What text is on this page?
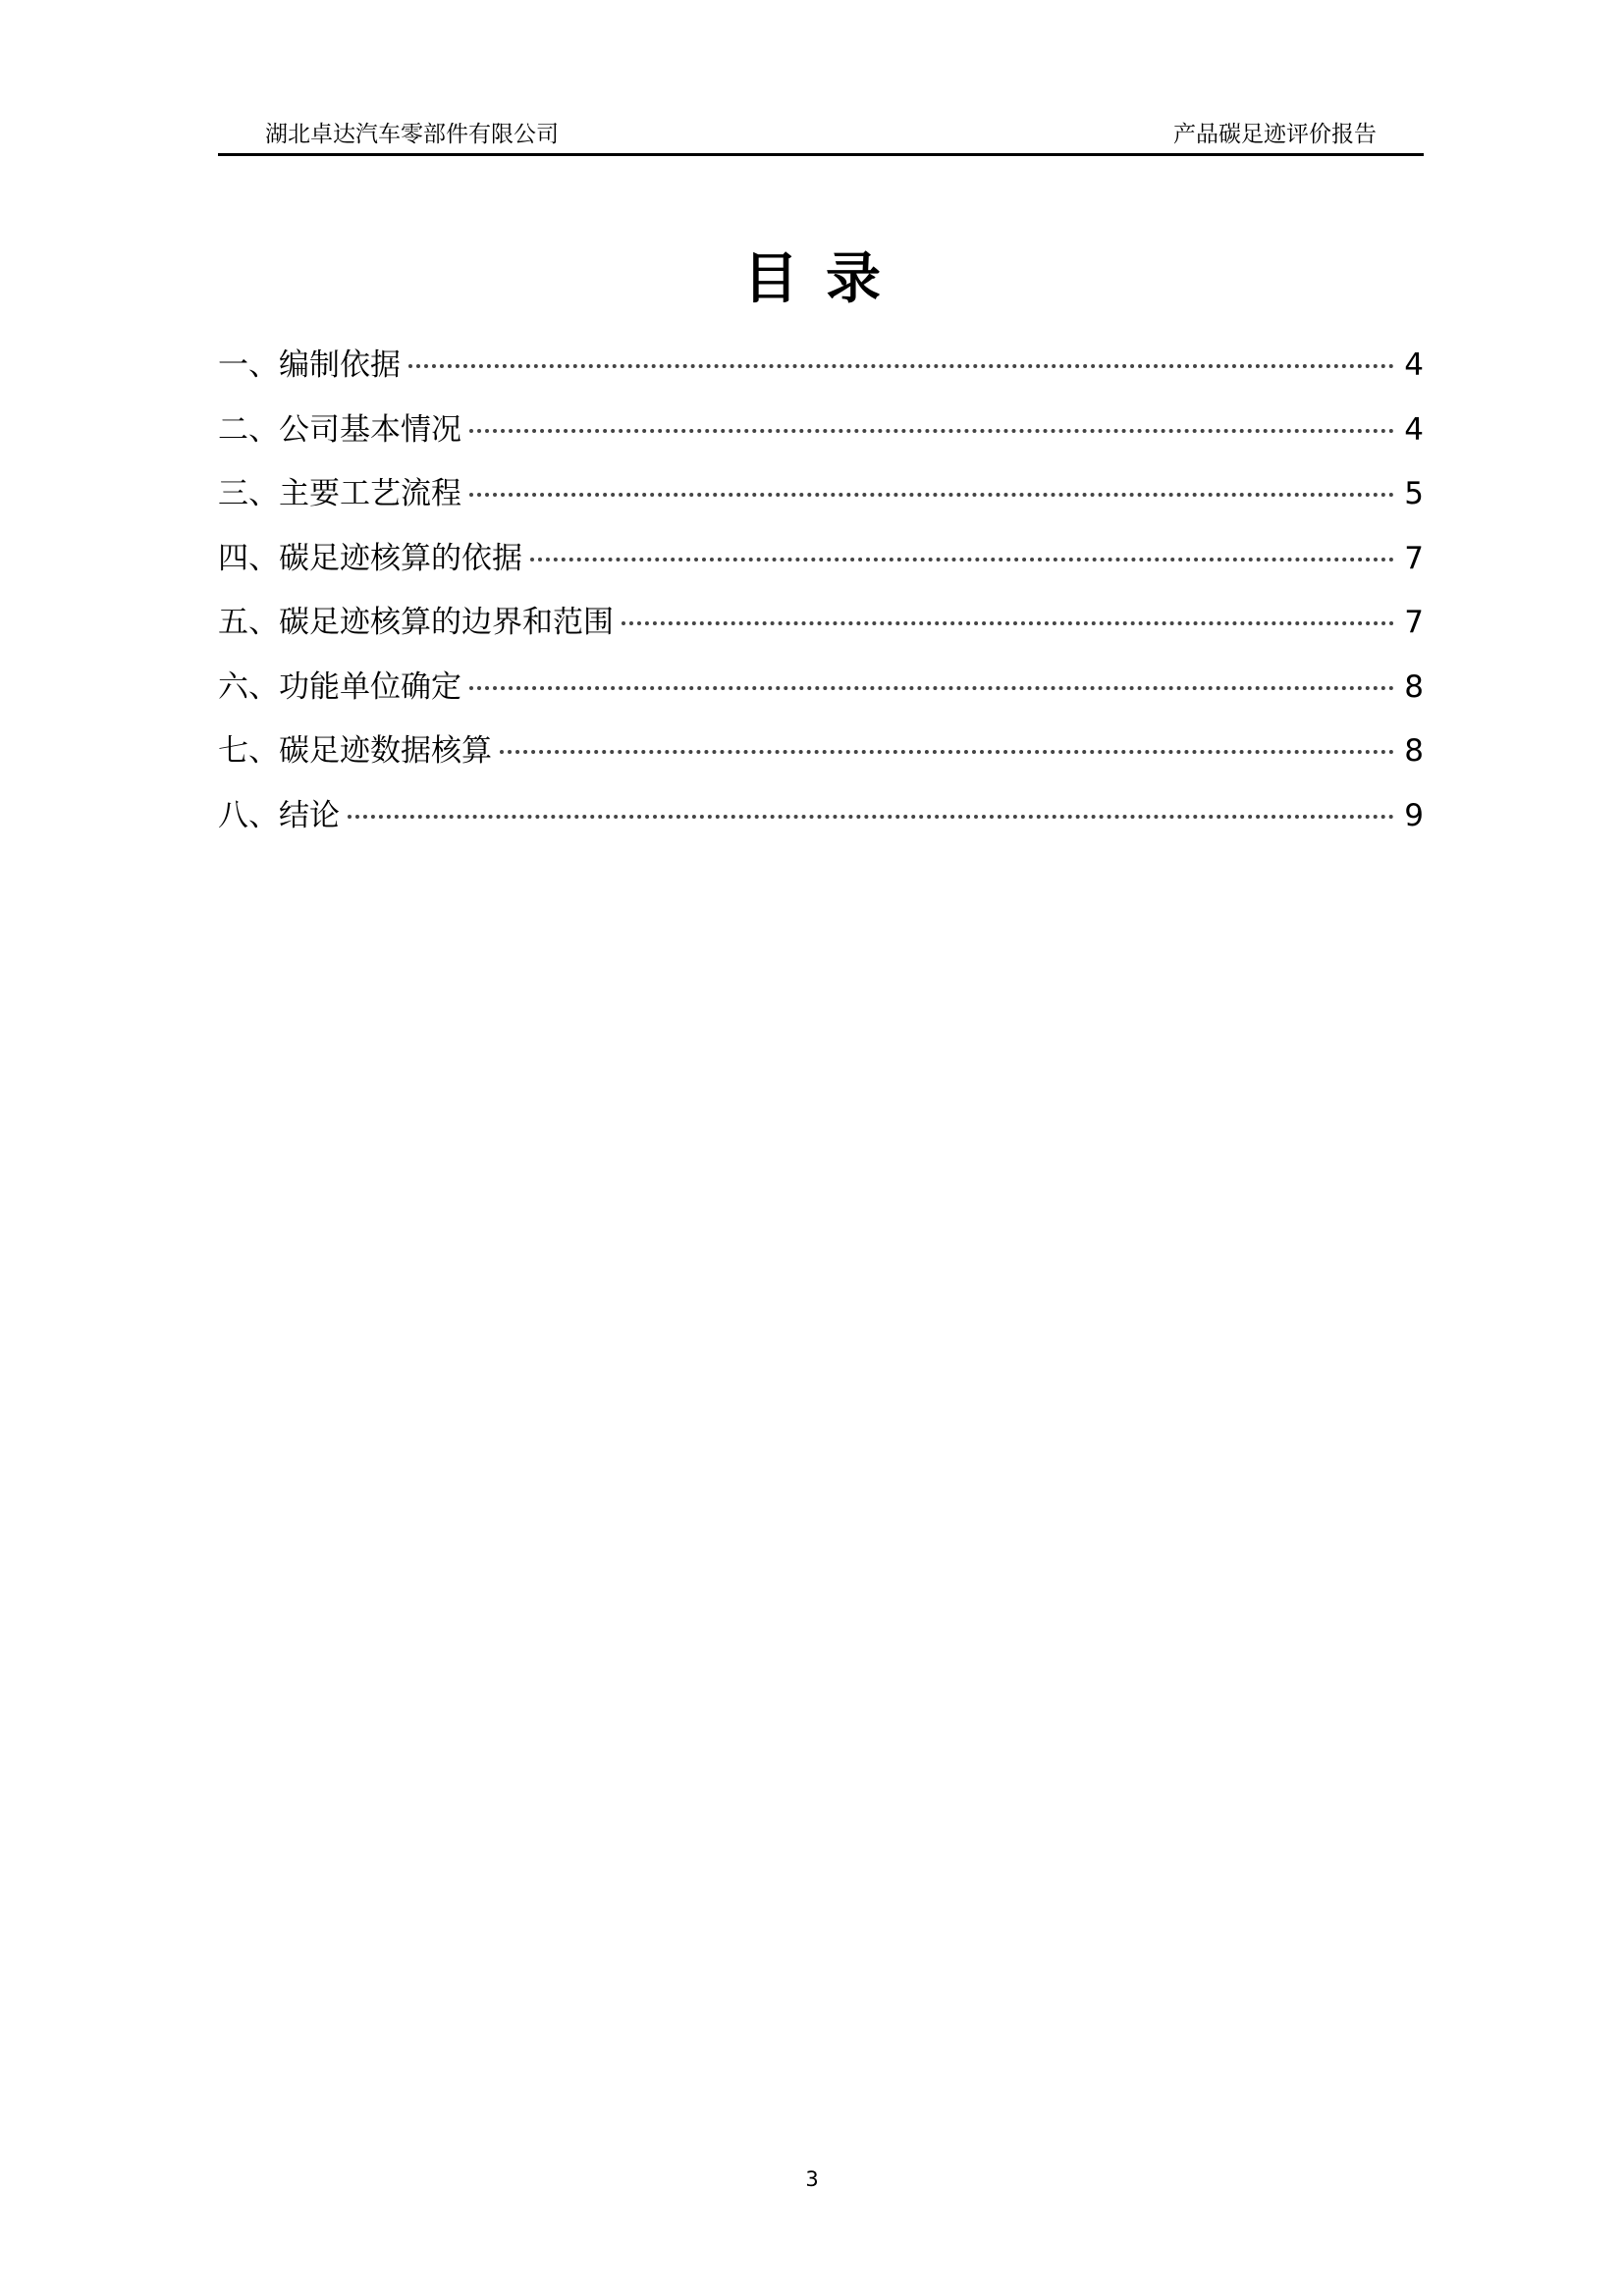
湖北卓达汽车零部件有限公司	产品碳足迹评价报告
目录
一、编制依据	4
二、公司基本情况	4
三、主要工艺流程	5
四、碳足迹核算的依据	7
五、碳足迹核算的边界和范围	7
六、功能单位确定	8
七、碳足迹数据核算	8
八、结论	9
3
